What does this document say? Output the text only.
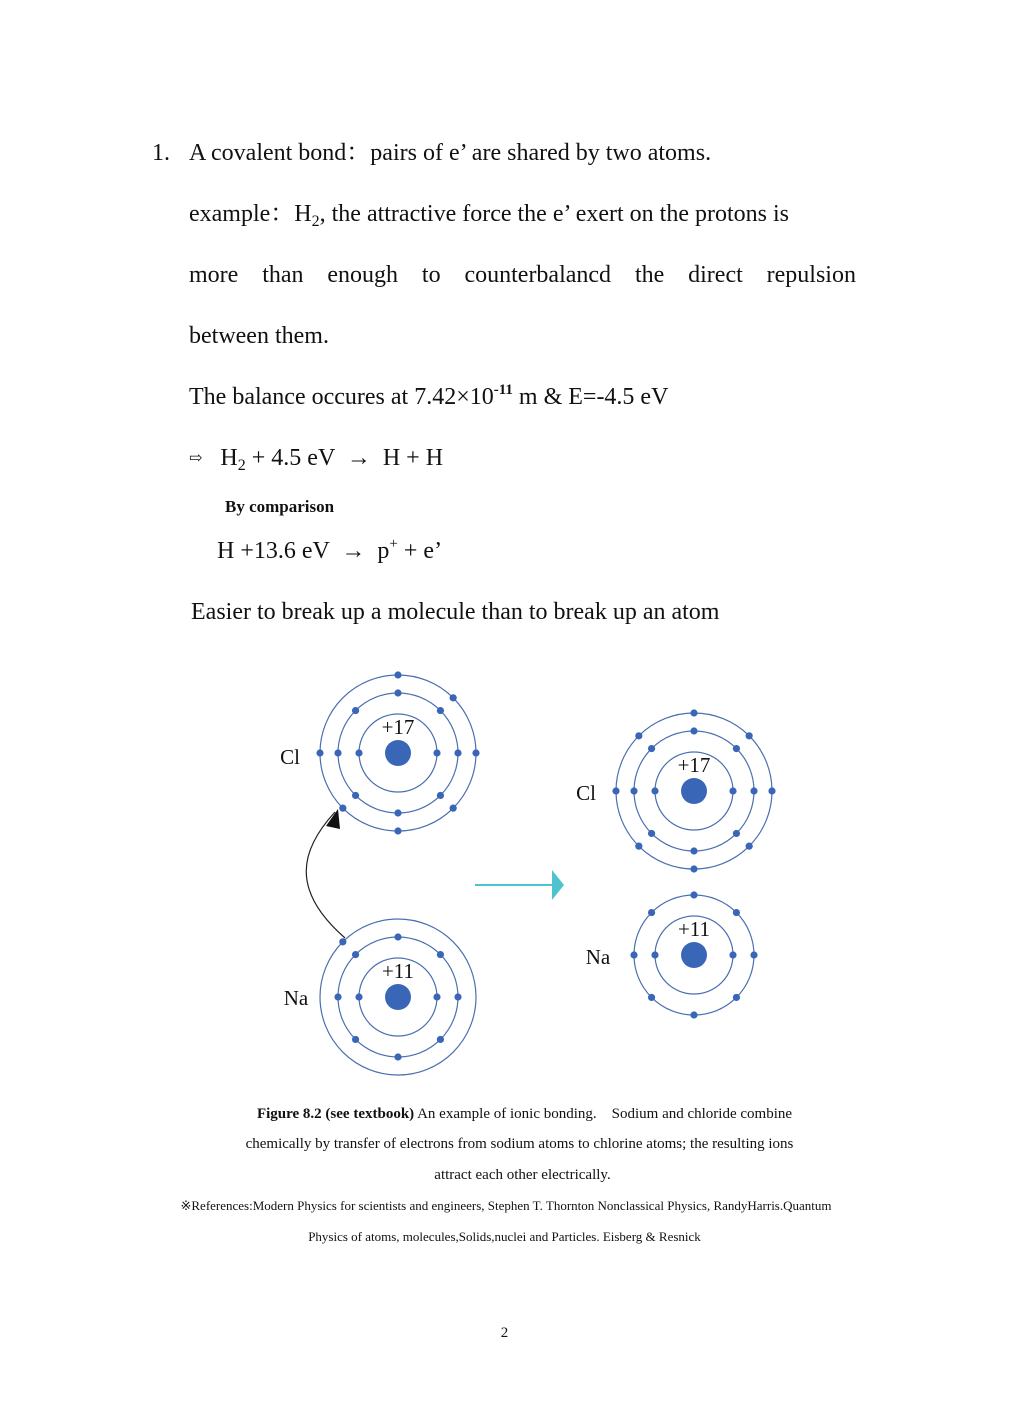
1. A covalent bond：pairs of e’ are shared by two atoms.
example：$H_2$, the attractive force the e’ exert on the protons is
more than enough to counterbalancd the direct repulsion
between them.
The balance occures at $7.42\times 10^{-11}$ m & E=-4.5 eV
⇨ $H_2 + 4.5$ eV  →  H + H
By comparison
H +13.6 eV  →  p+ + e’
Easier to break up a molecule than to break up an atom
+17
Cl
+11
Na
+17
Cl
+11
Na
Figure 8.2 (see textbook) An example of ionic bonding.    Sodium and chloride combine
chemically by transfer of electrons from sodium atoms to chlorine atoms; the resulting ions
attract each other electrically.
※References:Modern Physics for scientists and engineers, Stephen T. Thornton Nonclassical Physics, RandyHarris.Quantum
Physics of atoms, molecules,Solids,nuclei and Particles. Eisberg & Resnick
2
